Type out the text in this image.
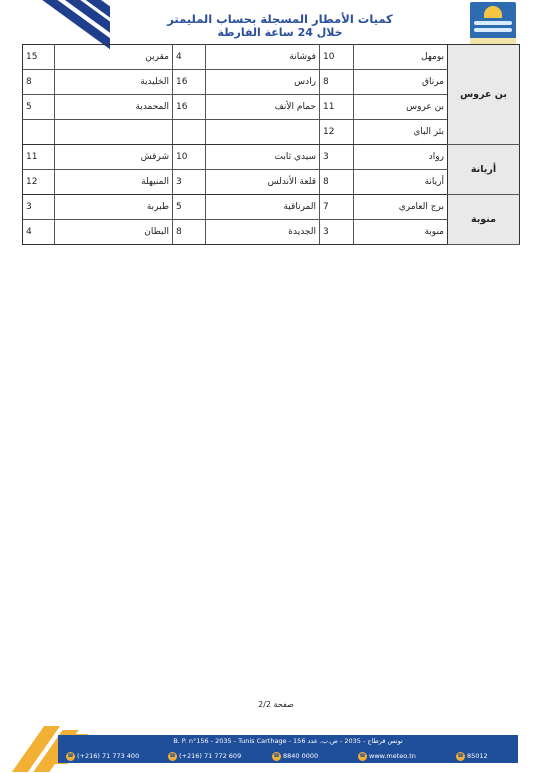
كميات الأمطار المسجلة بحساب المليمتر
خلال 24 ساعة الفارطة
15	مقرين	4	فوشانة	10	بومهل	بن عروس
8	الخليدية	16	رادس	8	مرناق	
5	المحمدية	16	حمام الأنف	11	بن عروس	
				12	بئر الباي	
11	شرقش	10	سيدي ثابت	3	رواد	أريانة
12	المنيهلة	3	قلعة الأندلس	8	أريانة	
3	طبربة	5	المرناقية	7	برج العامري	منوبة
4	البطان	8	الجديدة	3	منوبة	
صفحة 2/2
B. P. n°156 - 2035 - Tunis Carthage - تونس قرطاج - 2035 - ص.ب. عدد 156
☎ (+216) 71 773 400	☎ (+216) 71 772 609	☎ 8840 0000	☎ www.meteo.tn	☎ 85012
